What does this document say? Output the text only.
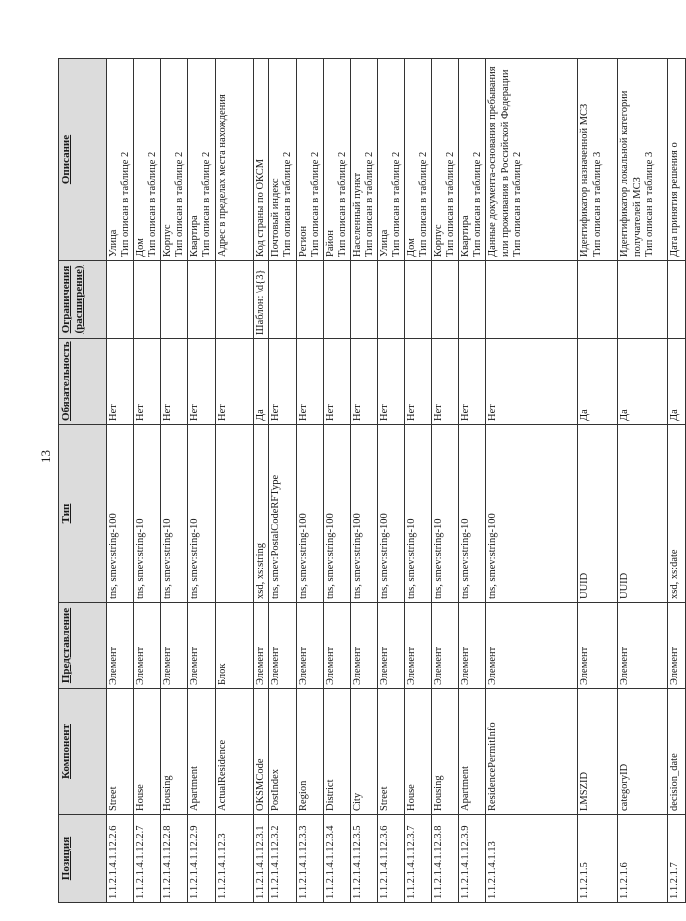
13
Позиция	Компонент	Представление	Тип	Обязательность	Ограничения (расширение)	Описание
1.1.2.1.4.1.12.2.6	Street	Элемент	tns, smev:string-100	Нет		Улица Тип описан в таблице 2

1.1.2.1.4.1.12.2.7	House	Элемент	tns, smev:string-10	Нет		Дом Тип описан в таблице 2

1.1.2.1.4.1.12.2.8	Housing	Элемент	tns, smev:string-10	Нет		Корпус Тип описан в таблице 2

1.1.2.1.4.1.12.2.9	Apartment	Элемент	tns, smev:string-10	Нет		Квартира Тип описан в таблице 2

1.1.2.1.4.1.12.3	ActualResidence	Блок		Нет		Адрес в пределах места нахождения

1.1.2.1.4.1.12.3.1	OKSMCode	Элемент	xsd, xs:string	Да	Шаблон: \d{3}	Код страны по ОКСМ

1.1.2.1.4.1.12.3.2	PostIndex	Элемент	tns, smev:PostalCodeRFType	Нет		Почтовый индекс Тип описан в таблице 2

1.1.2.1.4.1.12.3.3	Region	Элемент	tns, smev:string-100	Нет		Регион Тип описан в таблице 2

1.1.2.1.4.1.12.3.4	District	Элемент	tns, smev:string-100	Нет		Район Тип описан в таблице 2

1.1.2.1.4.1.12.3.5	City	Элемент	tns, smev:string-100	Нет		Населенный пункт Тип описан в таблице 2

1.1.2.1.4.1.12.3.6	Street	Элемент	tns, smev:string-100	Нет		Улица Тип описан в таблице 2

1.1.2.1.4.1.12.3.7	House	Элемент	tns, smev:string-10	Нет		Дом Тип описан в таблице 2

1.1.2.1.4.1.12.3.8	Housing	Элемент	tns, smev:string-10	Нет		Корпус Тип описан в таблице 2

1.1.2.1.4.1.12.3.9	Apartment	Элемент	tns, smev:string-10	Нет		Квартира Тип описан в таблице 2

1.1.2.1.4.1.13	ResidencePermitInfo	Элемент	tns, smev:string-100	Нет		Данные документа-основания пребывания или проживания в Российской Федерации Тип описан в таблице 2

1.1.2.1.5	LMSZID	Элемент	UUID	Да		Идентификатор назначенной МСЗ Тип описан в таблице 3

1.1.2.1.6	categoryID	Элемент	UUID	Да		Идентификатор локальной категории получателей МСЗ Тип описан в таблице 3

1.1.2.1.7	decision_date	Элемент	xsd, xs:date	Да		Дата принятия решения о
